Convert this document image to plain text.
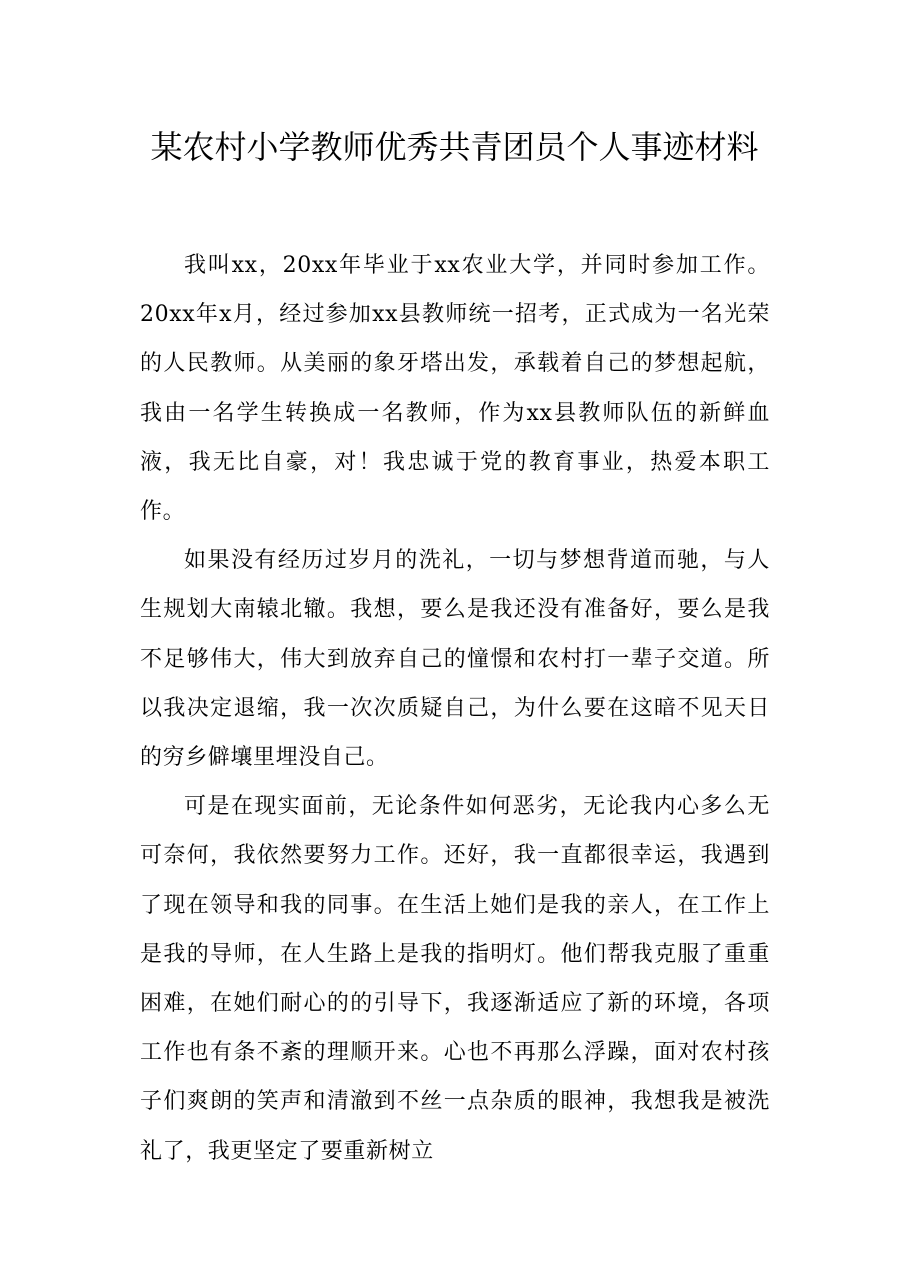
某农村小学教师优秀共青团员个人事迹材料

我叫xx，20xx年毕业于xx农业大学，并同时参加工作。20xx年x月，经过参加xx县教师统一招考，正式成为一名光荣的人民教师。从美丽的象牙塔出发，承载着自己的梦想起航，我由一名学生转换成一名教师，作为xx县教师队伍的新鲜血液，我无比自豪，对！我忠诚于党的教育事业，热爱本职工作。

如果没有经历过岁月的洗礼，一切与梦想背道而驰，与人生规划大南辕北辙。我想，要么是我还没有准备好，要么是我不足够伟大，伟大到放弃自己的憧憬和农村打一辈子交道。所以我决定退缩，我一次次质疑自己，为什么要在这暗不见天日的穷乡僻壤里埋没自己。

可是在现实面前，无论条件如何恶劣，无论我内心多么无可奈何，我依然要努力工作。还好，我一直都很幸运，我遇到了现在领导和我的同事。在生活上她们是我的亲人，在工作上是我的导师，在人生路上是我的指明灯。他们帮我克服了重重困难，在她们耐心的的引导下，我逐渐适应了新的环境，各项工作也有条不紊的理顺开来。心也不再那么浮躁，面对农村孩子们爽朗的笑声和清澈到不丝一点杂质的眼神，我想我是被洗礼了，我更坚定了要重新树立
